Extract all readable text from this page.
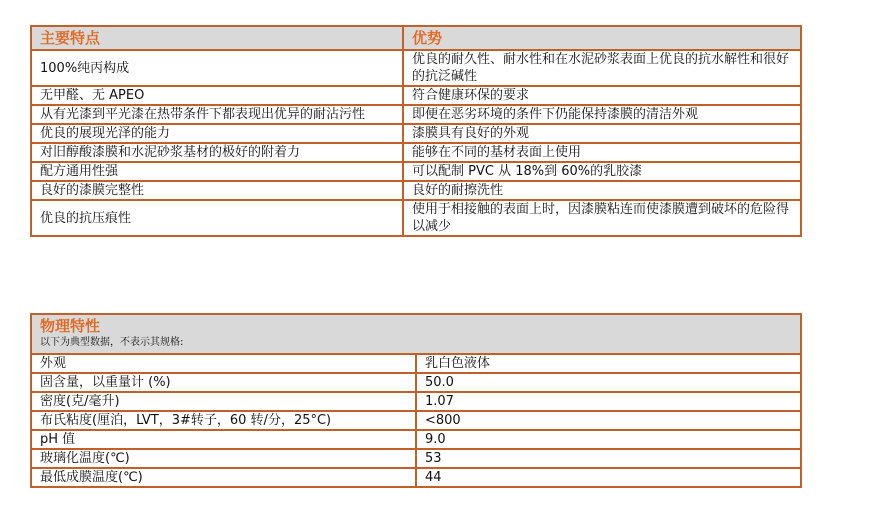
主要特点	优势
100%纯丙构成	优良的耐久性、耐水性和在水泥砂浆表面上优良的抗水解性和很好的抗泛碱性
无甲醛、无 APEO	符合健康环保的要求
从有光漆到平光漆在热带条件下都表现出优异的耐沾污性	即便在恶劣环境的条件下仍能保持漆膜的清洁外观
优良的展现光泽的能力	漆膜具有良好的外观
对旧醇酸漆膜和水泥砂浆基材的极好的附着力	能够在不同的基材表面上使用
配方通用性强	可以配制 PVC 从 18%到 60%的乳胶漆
良好的漆膜完整性	良好的耐擦洗性
优良的抗压痕性	使用于相接触的表面上时，因漆膜粘连而使漆膜遭到破坏的危险得以减少
物理特性
以下为典型数据，不表示其规格:	

外观	乳白色液体
固含量，以重量计 (%)	50.0
密度(克/毫升)	1.07
布氏粘度(厘泊，LVT，3#转子，60 转/分，25°C)	<800
pH 值	9.0
玻璃化温度(℃)	53
最低成膜温度(℃)	44
